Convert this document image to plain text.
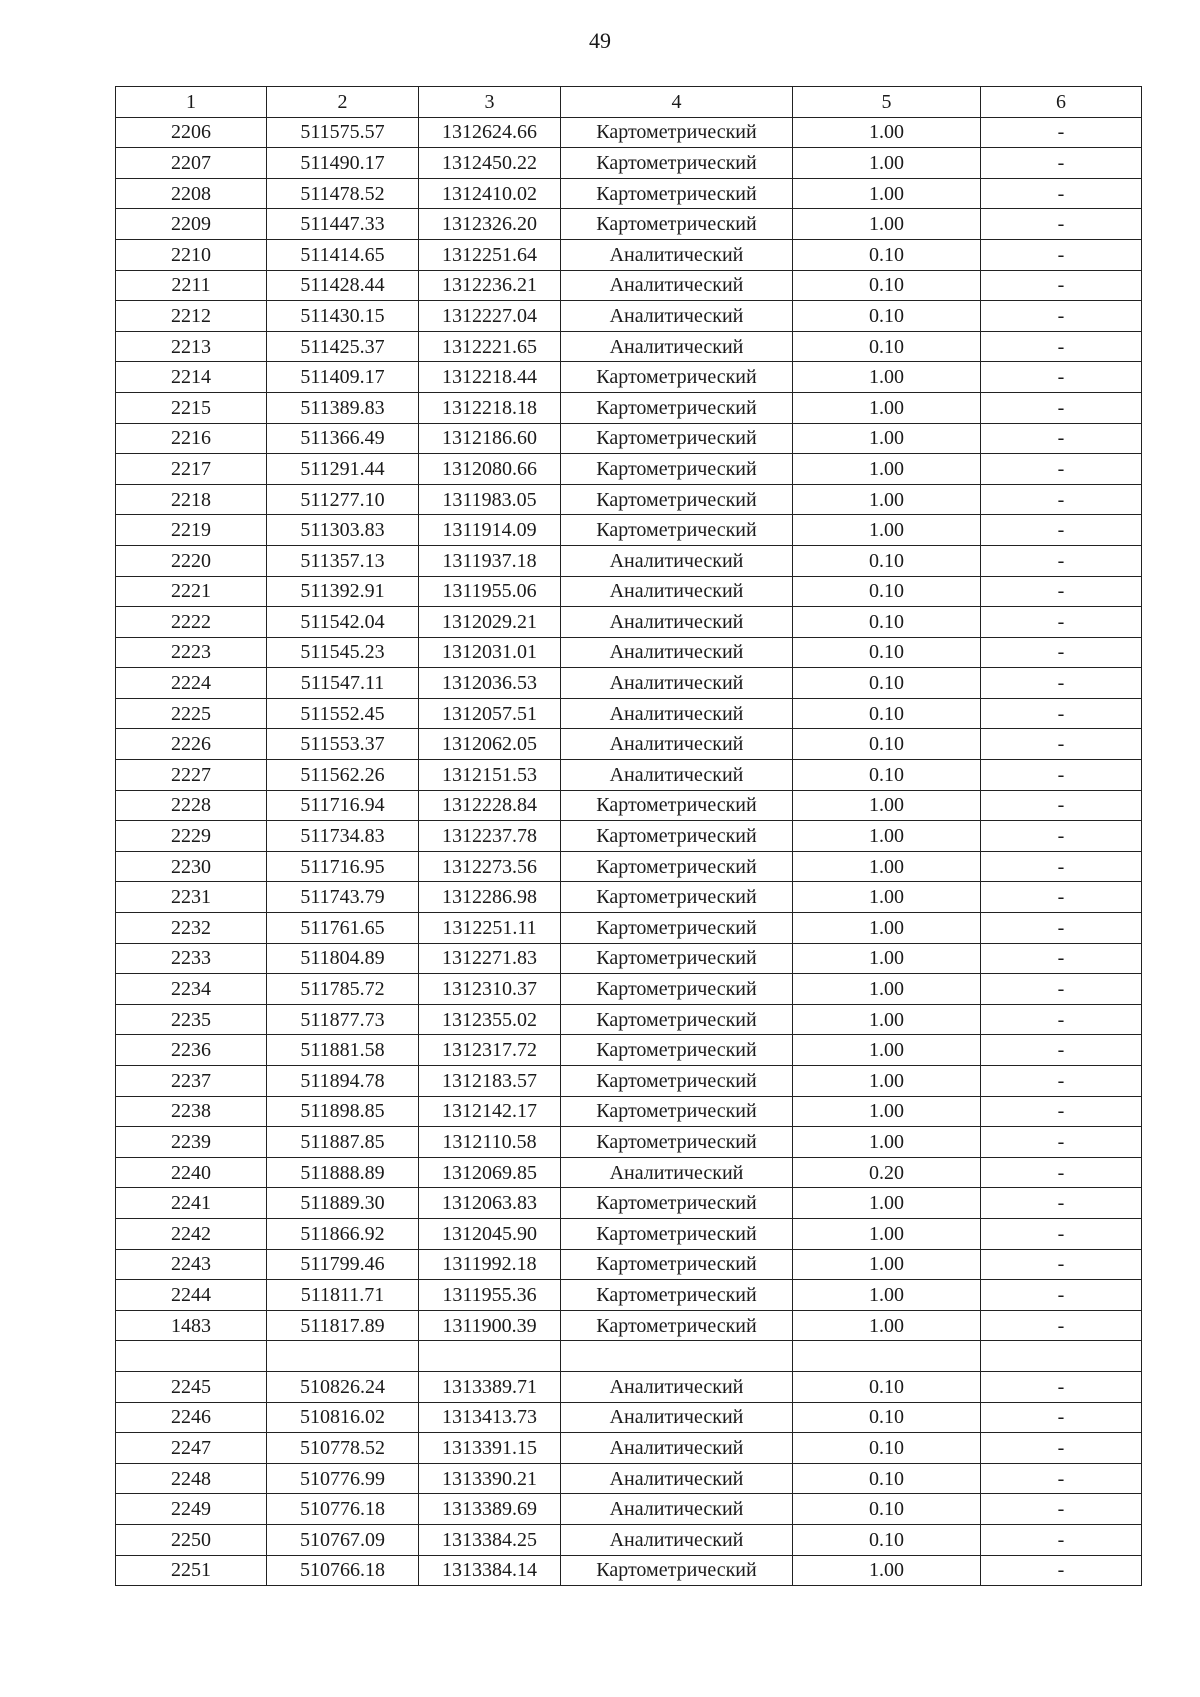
49
1	2	3	4	5	6
2206	511575.57	1312624.66	Картометрический	1.00	-
2207	511490.17	1312450.22	Картометрический	1.00	-
2208	511478.52	1312410.02	Картометрический	1.00	-
2209	511447.33	1312326.20	Картометрический	1.00	-
2210	511414.65	1312251.64	Аналитический	0.10	-
2211	511428.44	1312236.21	Аналитический	0.10	-
2212	511430.15	1312227.04	Аналитический	0.10	-
2213	511425.37	1312221.65	Аналитический	0.10	-
2214	511409.17	1312218.44	Картометрический	1.00	-
2215	511389.83	1312218.18	Картометрический	1.00	-
2216	511366.49	1312186.60	Картометрический	1.00	-
2217	511291.44	1312080.66	Картометрический	1.00	-
2218	511277.10	1311983.05	Картометрический	1.00	-
2219	511303.83	1311914.09	Картометрический	1.00	-
2220	511357.13	1311937.18	Аналитический	0.10	-
2221	511392.91	1311955.06	Аналитический	0.10	-
2222	511542.04	1312029.21	Аналитический	0.10	-
2223	511545.23	1312031.01	Аналитический	0.10	-
2224	511547.11	1312036.53	Аналитический	0.10	-
2225	511552.45	1312057.51	Аналитический	0.10	-
2226	511553.37	1312062.05	Аналитический	0.10	-
2227	511562.26	1312151.53	Аналитический	0.10	-
2228	511716.94	1312228.84	Картометрический	1.00	-
2229	511734.83	1312237.78	Картометрический	1.00	-
2230	511716.95	1312273.56	Картометрический	1.00	-
2231	511743.79	1312286.98	Картометрический	1.00	-
2232	511761.65	1312251.11	Картометрический	1.00	-
2233	511804.89	1312271.83	Картометрический	1.00	-
2234	511785.72	1312310.37	Картометрический	1.00	-
2235	511877.73	1312355.02	Картометрический	1.00	-
2236	511881.58	1312317.72	Картометрический	1.00	-
2237	511894.78	1312183.57	Картометрический	1.00	-
2238	511898.85	1312142.17	Картометрический	1.00	-
2239	511887.85	1312110.58	Картометрический	1.00	-
2240	511888.89	1312069.85	Аналитический	0.20	-
2241	511889.30	1312063.83	Картометрический	1.00	-
2242	511866.92	1312045.90	Картометрический	1.00	-
2243	511799.46	1311992.18	Картометрический	1.00	-
2244	511811.71	1311955.36	Картометрический	1.00	-
1483	511817.89	1311900.39	Картометрический	1.00	-

2245	510826.24	1313389.71	Аналитический	0.10	-
2246	510816.02	1313413.73	Аналитический	0.10	-
2247	510778.52	1313391.15	Аналитический	0.10	-
2248	510776.99	1313390.21	Аналитический	0.10	-
2249	510776.18	1313389.69	Аналитический	0.10	-
2250	510767.09	1313384.25	Аналитический	0.10	-
2251	510766.18	1313384.14	Картометрический	1.00	-
